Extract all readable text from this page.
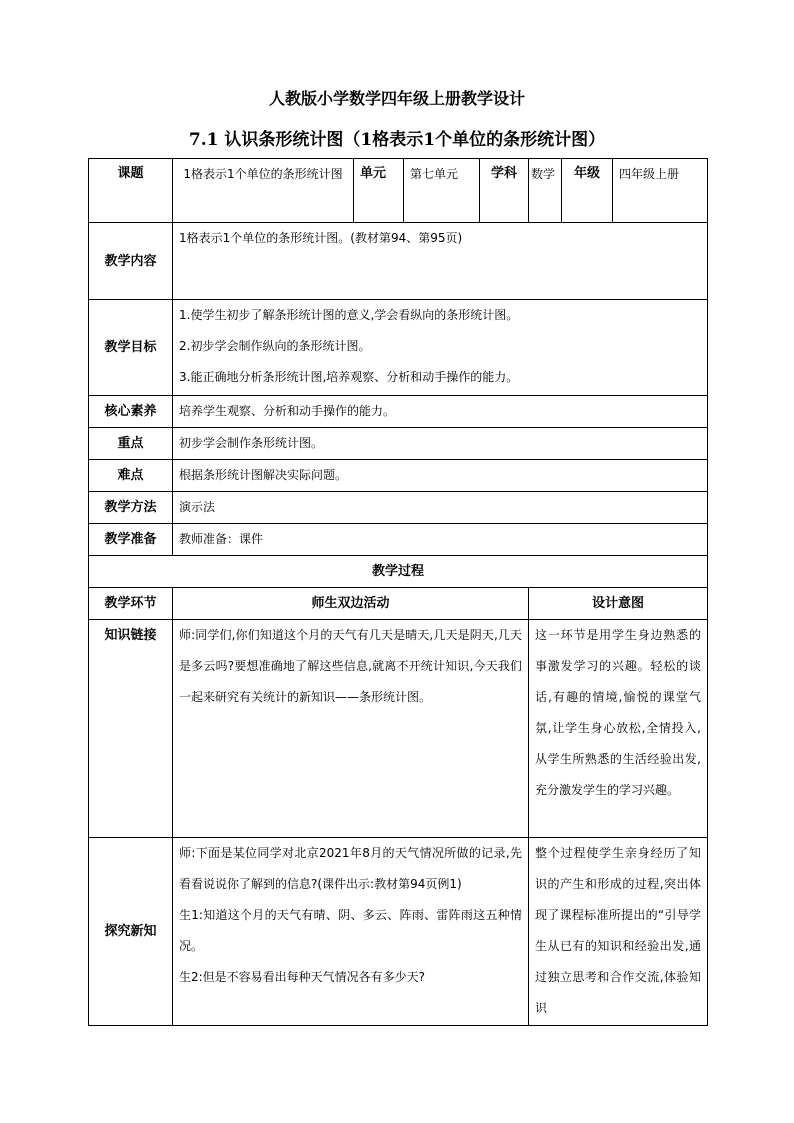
人教版小学数学四年级上册教学设计
7.1 认识条形统计图（1格表示1个单位的条形统计图）
课题	1格表示1个单位的条形统计图	单元	第七单元	学科	数学	年级	四年级上册
教学内容	1格表示1个单位的条形统计图。(教材第94、第95页)						
教学目标	1.使学生初步了解条形统计图的意义,学会看纵向的条形统计图。
2.初步学会制作纵向的条形统计图。
3.能正确地分析条形统计图,培养观察、分析和动手操作的能力。						

核心素养	培养学生观察、分析和动手操作的能力。						
重点	初步学会制作条形统计图。						
难点	根据条形统计图解决实际问题。						
教学方法	演示法						
教学准备	教师准备：课件						
教学过程							
教学环节	师生双边活动				设计意图		
知识链接	师:同学们,你们知道这个月的天气有几天是晴天,几天是阴天,几天是多云吗?要想准确地了解这些信息,就离不开统计知识,今天我们一起来研究有关统计的新知识——条形统计图。				这一环节是用学生身边熟悉的事激发学习的兴趣。轻松的谈话,有趣的情境,愉悦的课堂气氛,让学生身心放松,全情投入,从学生所熟悉的生活经验出发,充分激发学生的学习兴趣。		
探究新知	师:下面是某位同学对北京2021年8月的天气情况所做的记录,先看看说说你了解到的信息?(课件出示:教材第94页例1)
生1:知道这个月的天气有晴、阴、多云、阵雨、雷阵雨这五种情况。
生2:但是不容易看出每种天气情况各有多少天?				整个过程使学生亲身经历了知识的产生和形成的过程,突出体现了课程标准所提出的“引导学生从已有的知识和经验出发,通过独立思考和合作交流,体验知识		
